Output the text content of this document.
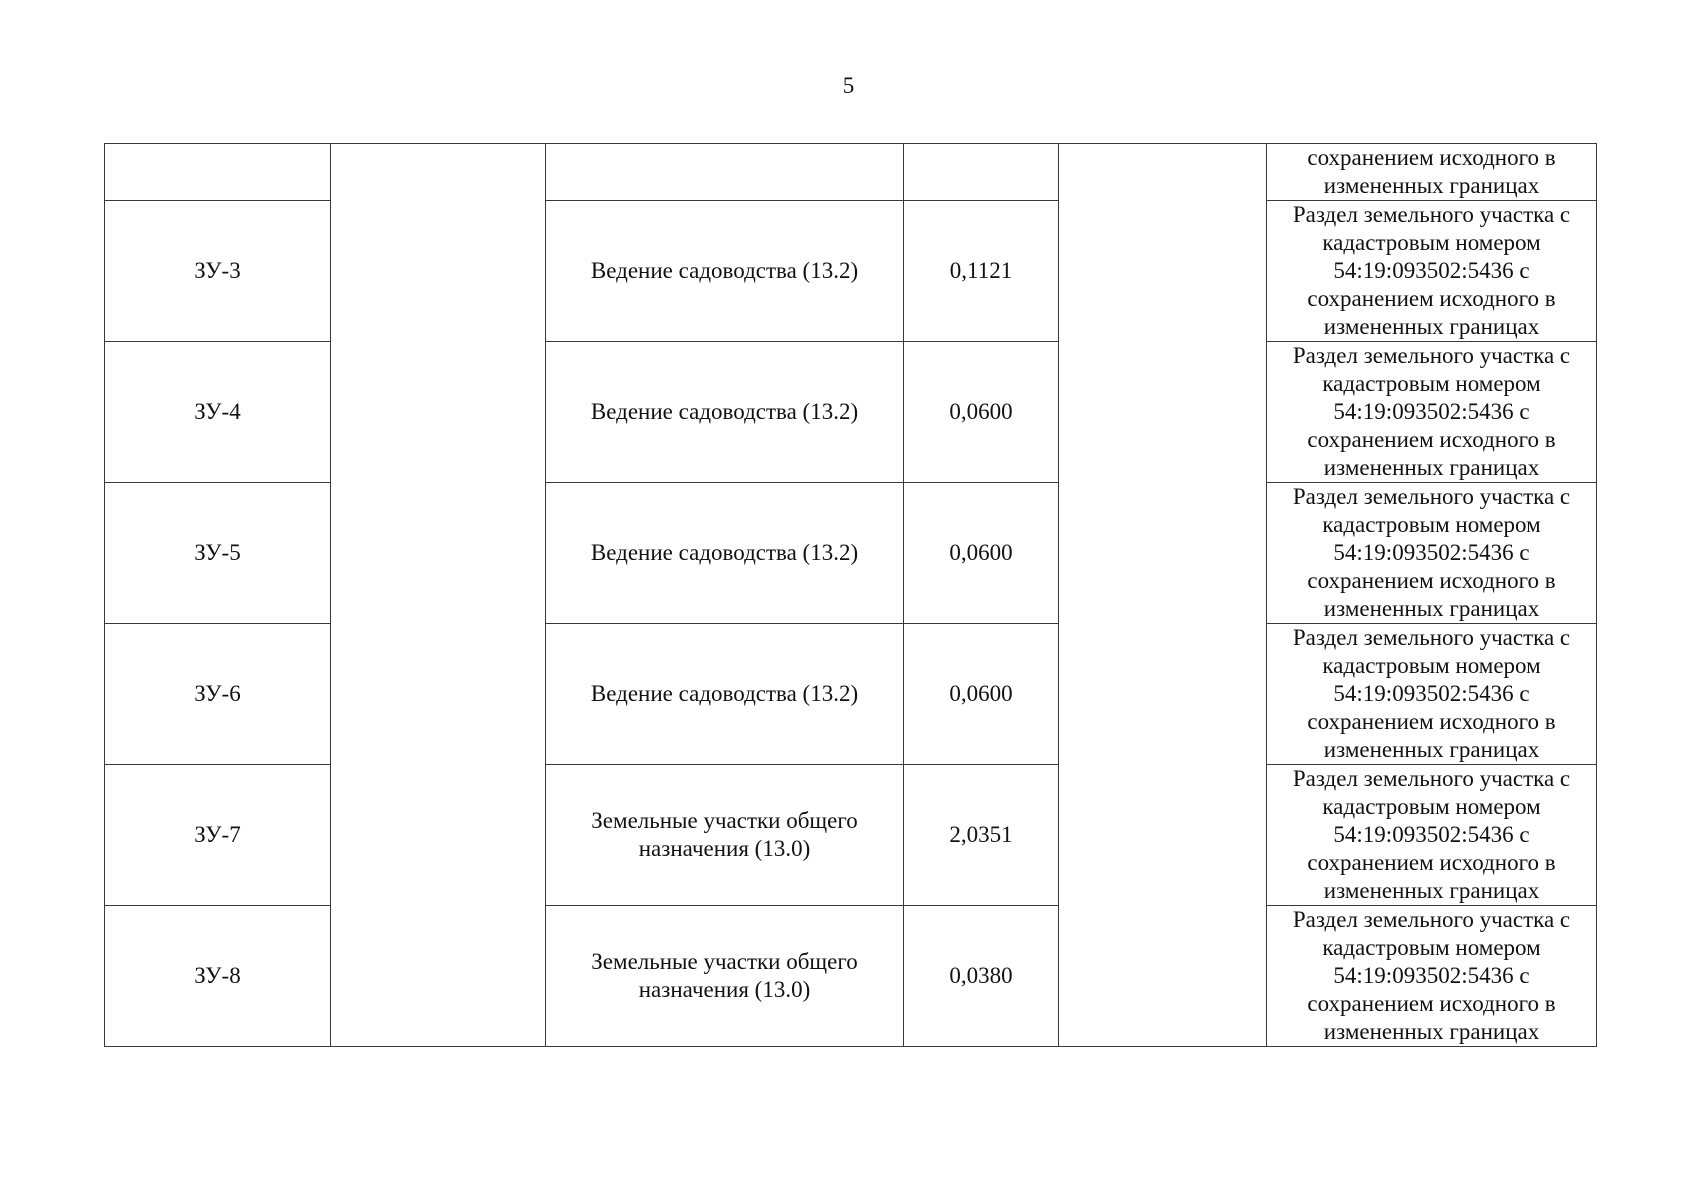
5
					сохранением исходного в измененных границах
ЗУ-3		Ведение садоводства (13.2)	0,1121		Раздел земельного участка с кадастровым номером 54:19:093502:5436 с сохранением исходного в измененных границах
ЗУ-4		Ведение садоводства (13.2)	0,0600		Раздел земельного участка с кадастровым номером 54:19:093502:5436 с сохранением исходного в измененных границах
ЗУ-5		Ведение садоводства (13.2)	0,0600		Раздел земельного участка с кадастровым номером 54:19:093502:5436 с сохранением исходного в измененных границах
ЗУ-6		Ведение садоводства (13.2)	0,0600		Раздел земельного участка с кадастровым номером 54:19:093502:5436 с сохранением исходного в измененных границах
ЗУ-7		Земельные участки общего назначения (13.0)	2,0351		Раздел земельного участка с кадастровым номером 54:19:093502:5436 с сохранением исходного в измененных границах
ЗУ-8		Земельные участки общего назначения (13.0)	0,0380		Раздел земельного участка с кадастровым номером 54:19:093502:5436 с сохранением исходного в измененных границах
